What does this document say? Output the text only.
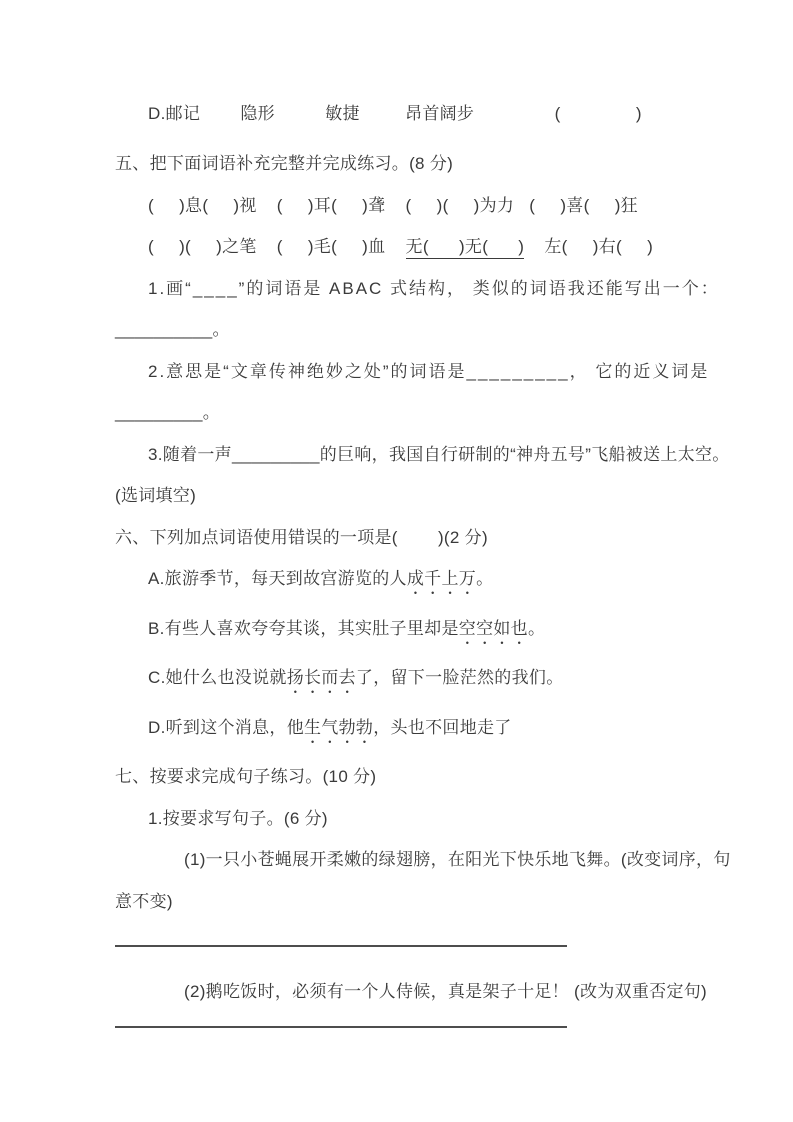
D.邮记        隐形          敏捷         昂首阔步                (               )
五、把下面词语补充完整并完成练习。(8 分)
(     )息(     )视    (     )耳(     )聋    (     )(     )为力   (     )喜(     )狂
(     )(     )之笔    (     )毛(     )血    无(      )无(      )    左(     )右(     )
1.画“____”的词语是 ABAC 式结构， 类似的词语我还能写出一个：
__________。
2.意思是“文章传神绝妙之处”的词语是_________， 它的近义词是
_________。
3.随着一声_________的巨响，我国自行研制的“神舟五号”飞船被送上太空。
(选词填空)
六、下列加点词语使用错误的一项是(        )(2 分)
A.旅游季节，每天到故宫游览的人成千上万。
B.有些人喜欢夸夸其谈，其实肚子里却是空空如也。
C.她什么也没说就扬长而去了，留下一脸茫然的我们。
D.听到这个消息，他生气勃勃，头也不回地走了
七、按要求完成句子练习。(10 分)
1.按要求写句子。(6 分)
(1)一只小苍蝇展开柔嫩的绿翅膀，在阳光下快乐地飞舞。(改变词序，句
意不变)
(2)鹅吃饭时，必须有一个人侍候，真是架子十足！ (改为双重否定句)
